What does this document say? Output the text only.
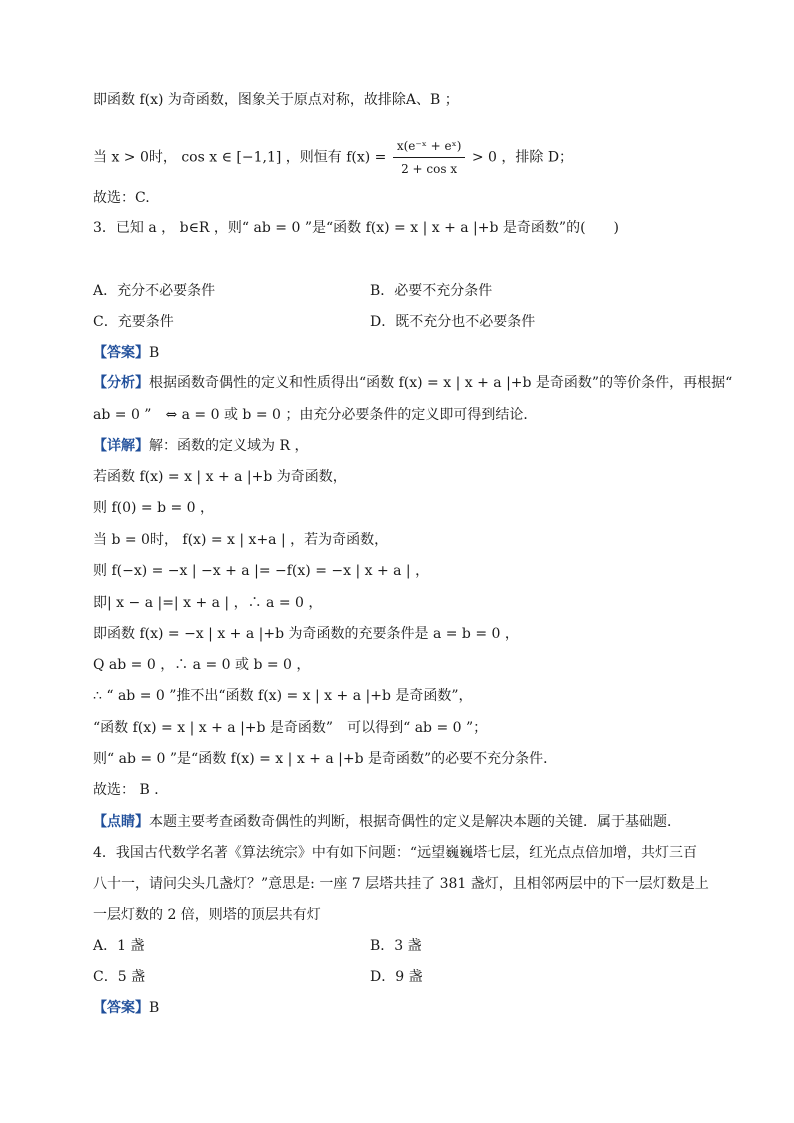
即函数 f(x) 为奇函数，图象关于原点对称，故排除A、B ；
当 x > 0时， cos x ∈ [−1,1] ，则恒有 $f(x) = \frac{\text{x(e⁻ˣ + eˣ)}}{\text{2 + cos x}} > 0$ ，排除 D；
故选：C.
3．已知 a ， b∈R ，则“ ab = 0 ”是“函数 f(x) = x | x + a |+b 是奇函数”的(　　)
A．充分不必要条件	B．必要不充分条件
C．充要条件	D．既不充分也不必要条件
【答案】B
【分析】根据函数奇偶性的定义和性质得出“函数 f(x) = x | x + a |+b 是奇函数”的等价条件，再根据“
ab = 0 ”　⇔ a = 0 或 b = 0 ；由充分必要条件的定义即可得到结论．
【详解】解：函数的定义域为 R ，
若函数 f(x) = x | x + a |+b 为奇函数，
则 f(0) = b = 0 ，
当 b = 0时， f(x) = x | x+a | ，若为奇函数，
则 f(−x) = −x | −x + a |= −f(x) = −x | x + a | ，
即| x − a |=| x + a | ，∴ a = 0 ，
即函数 f(x) = −x | x + a |+b 为奇函数的充要条件是 a = b = 0 ，
Q ab = 0 ，∴ a = 0 或 b = 0 ，
∴ “ ab = 0 ”推不出“函数 f(x) = x | x + a |+b 是奇函数”，
“函数 f(x) = x | x + a |+b 是奇函数”　可以得到“ ab = 0 ”；
则“ ab = 0 ”是“函数 f(x) = x | x + a |+b 是奇函数”的必要不充分条件．
故选： B ．
【点睛】本题主要考查函数奇偶性的判断，根据奇偶性的定义是解决本题的关键．属于基础题．
4．我国古代数学名著《算法统宗》中有如下问题：“远望巍巍塔七层，红光点点倍加增，共灯三百
八十一，请问尖头几盏灯？”意思是: 一座 7 层塔共挂了 381 盏灯，且相邻两层中的下一层灯数是上
一层灯数的 2 倍，则塔的顶层共有灯
A．1 盏	B．3 盏
C．5 盏	D．9 盏
【答案】B
